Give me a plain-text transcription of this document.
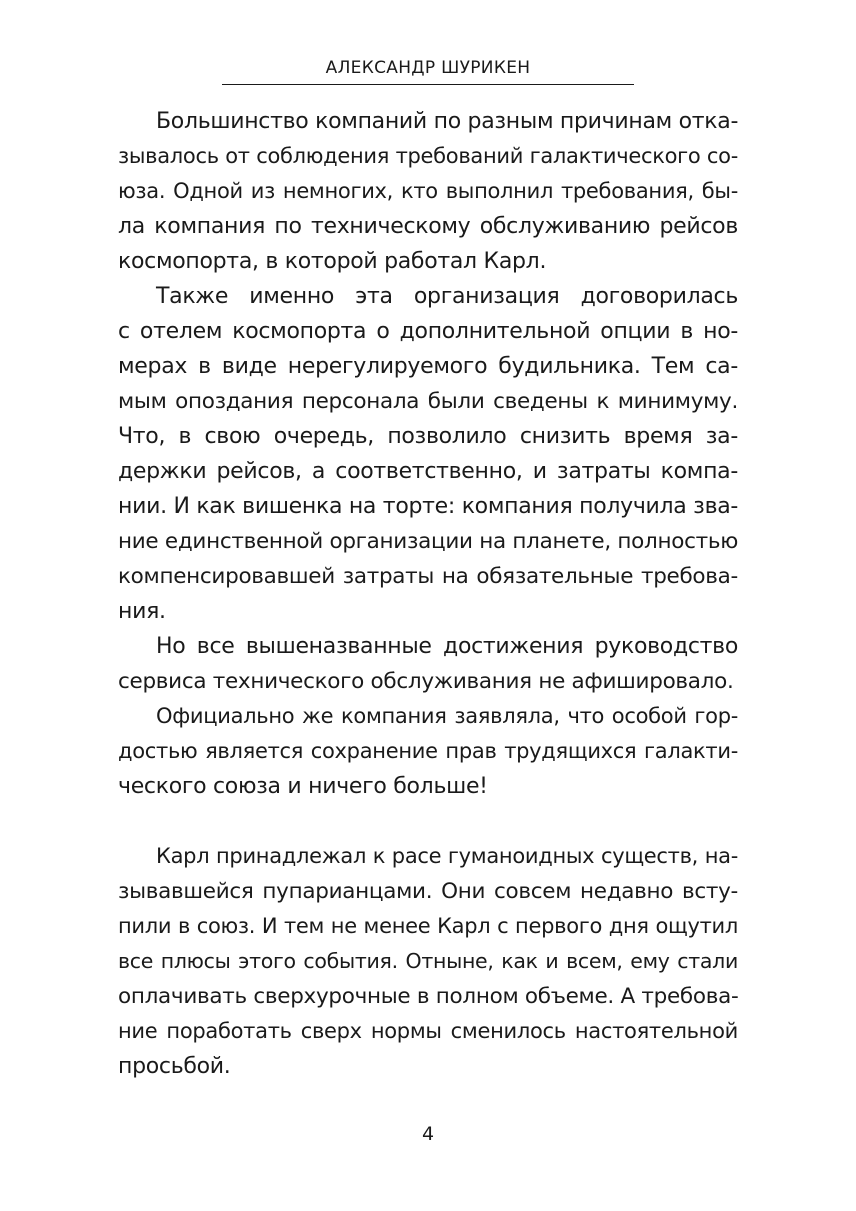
АЛЕКСАНДР ШУРИКЕН
Большинство компаний по разным причинам отка-
зывалось от соблюдения требований галактического со-
юза. Одной из немногих, кто выполнил требования, бы-
ла компания по техническому обслуживанию рейсов
космопорта, в которой работал Карл.
Также именно эта организация договорилась
с отелем космопорта о дополнительной опции в но-
мерах в виде нерегулируемого будильника. Тем са-
мым опоздания персонала были сведены к минимуму.
Что, в свою очередь, позволило снизить время за-
держки рейсов, а соответственно, и затраты компа-
нии. И как вишенка на торте: компания получила зва-
ние единственной организации на планете, полностью
компенсировавшей затраты на обязательные требова-
ния.
Но все вышеназванные достижения руководство
сервиса технического обслуживания не афишировало.
Официально же компания заявляла, что особой гор-
достью является сохранение прав трудящихся галакти-
ческого союза и ничего больше!
Карл принадлежал к расе гуманоидных существ, на-
зывавшейся пупарианцами. Они совсем недавно всту-
пили в союз. И тем не менее Карл с первого дня ощутил
все плюсы этого события. Отныне, как и всем, ему стали
оплачивать сверхурочные в полном объеме. А требова-
ние поработать сверх нормы сменилось настоятельной
просьбой.
4
